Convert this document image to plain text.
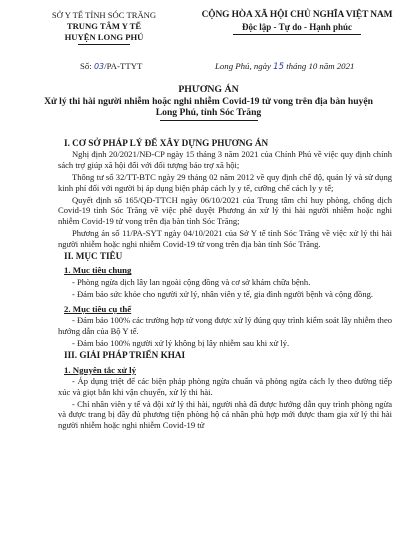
SỞ Y TẾ TỈNH SÓC TRĂNG
TRUNG TÂM Y TẾ
HUYỆN LONG PHÚ
CỘNG HÒA XÃ HỘI CHỦ NGHĨA VIỆT NAM
Độc lập - Tự do - Hạnh phúc
Số: 03/PA-TTYT	Long Phú, ngày 15 tháng 10 năm 2021
PHƯƠNG ÁN
Xử lý thi hài người nhiễm hoặc nghi nhiễm Covid-19 tử vong trên địa bàn huyện Long Phú, tỉnh Sóc Trăng
I. CƠ SỞ PHÁP LÝ ĐỂ XÂY DỰNG PHƯƠNG ÁN
Nghị định 20/2021/NĐ-CP ngày 15 tháng 3 năm 2021 của Chính Phủ về việc quy định chính sách trợ giúp xã hội đối với đối tượng bảo trợ xã hội;
Thông tư số 32/TT-BTC ngày 29 tháng 02 năm 2012 về quy định chế độ, quản lý và sử dụng kinh phí đối với người bị áp dụng biện pháp cách ly y tế, cưỡng chế cách ly y tế;
Quyết định số 165/QĐ-TTCH ngày 06/10/2021 của Trung tâm chỉ huy phòng, chống dịch Covid-19 tỉnh Sóc Trăng về việc phê duyệt Phương án xử lý thi hài người nhiễm hoặc nghi nhiễm Covid-19 tử vong trên địa bàn tỉnh Sóc Trăng;
Phương án số 11/PA-SYT ngày 04/10/2021 của Sở Y tế tỉnh Sóc Trăng về việc xử lý thi hài người nhiễm hoặc nghi nhiễm Covid-19 tử vong trên địa bàn tỉnh Sóc Trăng.
II. MỤC TIÊU
1. Mục tiêu chung
- Phòng ngừa dịch lây lan ngoài cộng đồng và cơ sở khám chữa bệnh.
- Đảm bảo sức khỏe cho người xử lý, nhân viên y tế, gia đình người bệnh và cộng đồng.
2. Mục tiêu cụ thể
- Đảm bảo 100% các trường hợp tử vong được xử lý đúng quy trình kiểm soát lây nhiễm theo hướng dẫn của Bộ Y tế.
- Đảm bảo 100% người xử lý không bị lây nhiễm sau khi xử lý.
III. GIẢI PHÁP TRIỂN KHAI
1. Nguyên tắc xử lý
- Áp dụng triệt để các biện pháp phòng ngừa chuẩn và phòng ngừa cách ly theo đường tiếp xúc và giọt bắn khi vận chuyển, xử lý thi hài.
- Chỉ nhân viên y tế và đội xử lý thi hài, người nhà đã được hướng dẫn quy trình phòng ngừa và được trang bị đầy đủ phương tiện phòng hộ cá nhân phù hợp mới được tham gia xử lý thi hài người nhiễm hoặc nghi nhiễm Covid-19 tử
